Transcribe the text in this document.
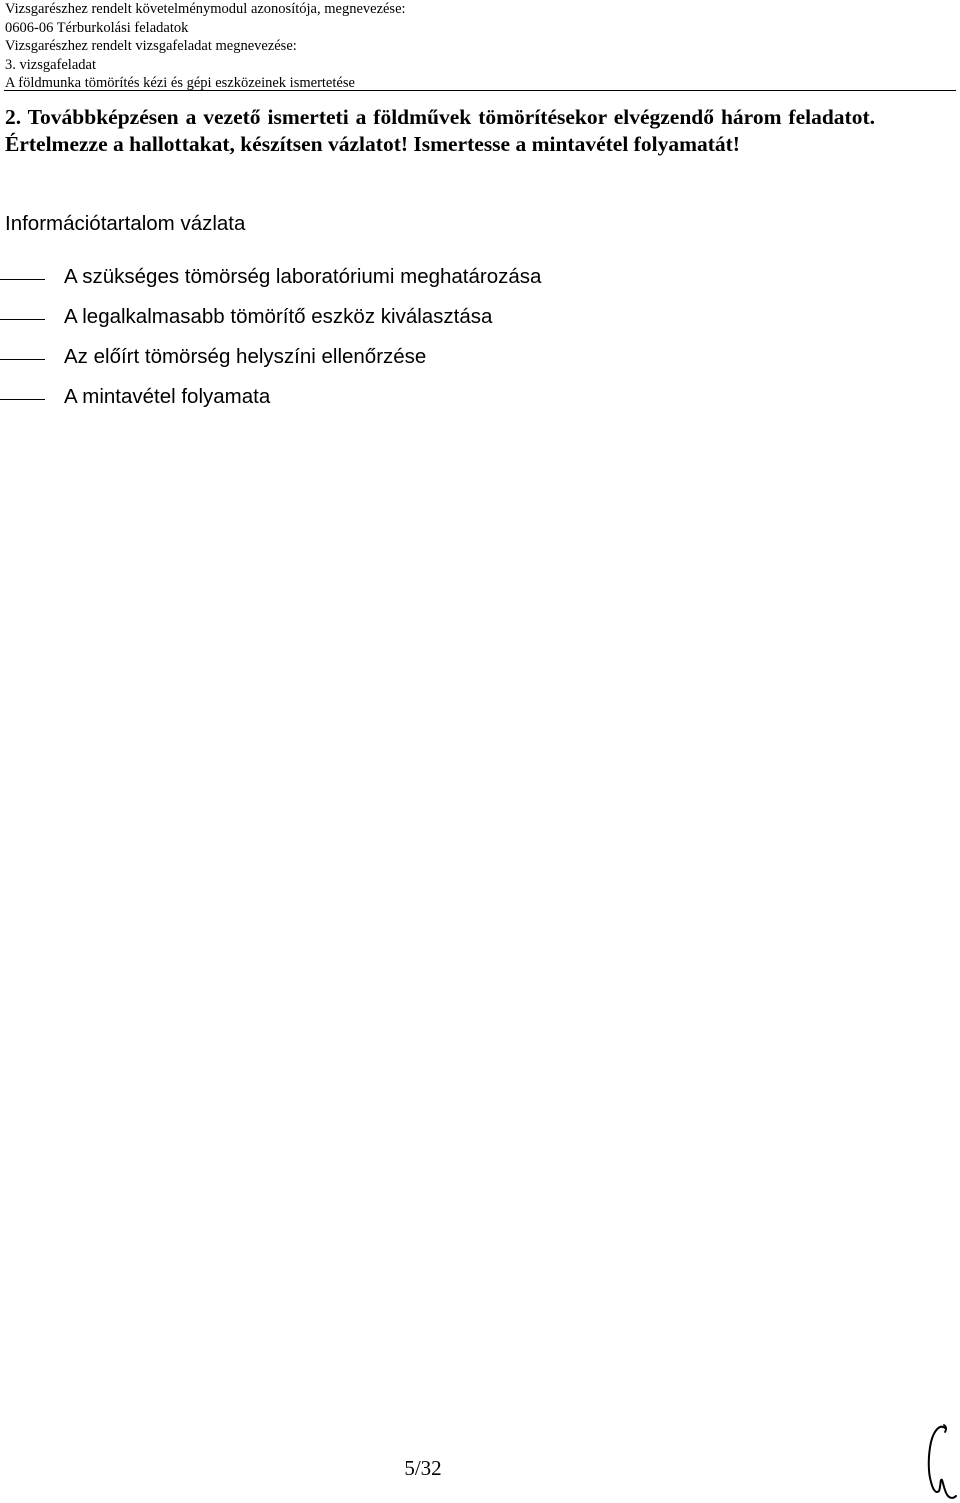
Vizsgarészhez rendelt követelménymodul azonosítója, megnevezése:
0606-06 Térburkolási feladatok
Vizsgarészhez rendelt vizsgafeladat megnevezése:
3. vizsgafeladat
A földmunka tömörítés kézi és gépi eszközeinek ismertetése
2. Továbbképzésen a vezető ismerteti a földművek tömörítésekor elvégzendő három feladatot. Értelmezze a hallottakat, készítsen vázlatot! Ismertesse a mintavétel folyamatát!
Információtartalom vázlata
A szükséges tömörség laboratóriumi meghatározása
A legalkalmasabb tömörítő eszköz kiválasztása
Az előírt tömörség helyszíni ellenőrzése
A mintavétel folyamata
5/32
